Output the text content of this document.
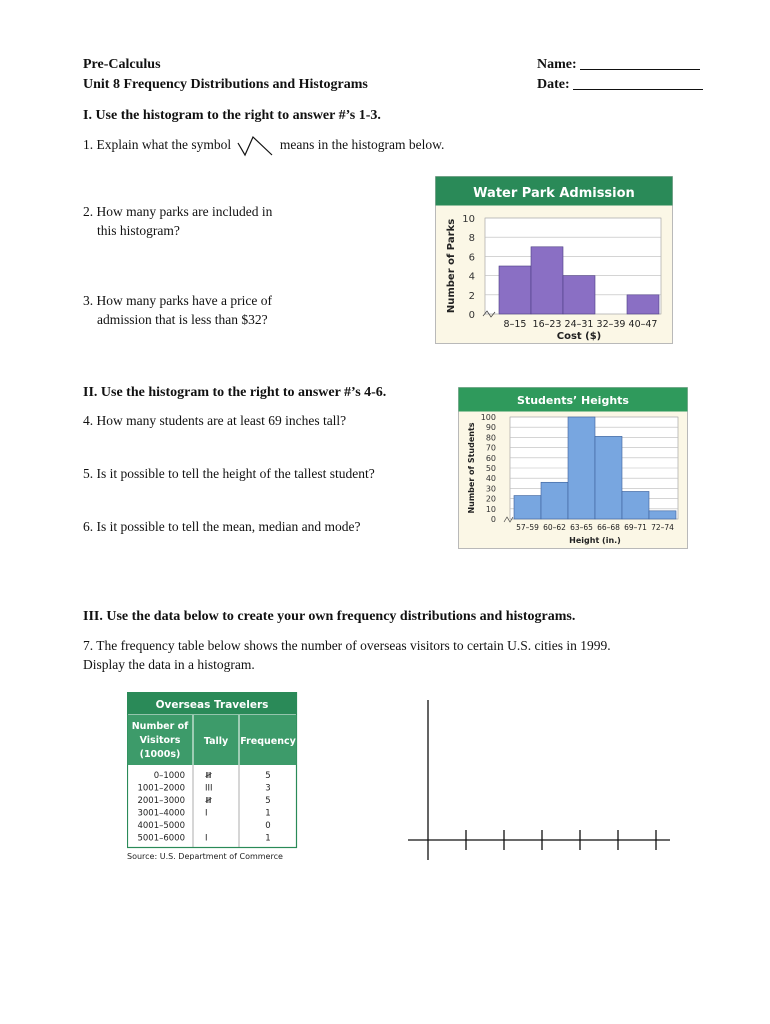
Pre-Calculus
Unit 8 Frequency Distributions and Histograms
Name:
Date:
I. Use the histogram to the right to answer #’s 1-3.
1. Explain what the symbol	means in the histogram below.
2. How many parks are included in
this histogram?
3. How many parks have a price of
admission that is less than $32?
Water Park Admission
0
2
4
6
8
10
Number of Parks
8–15 16–23 24–31 32–39 40–47
Cost ($)
II. Use the histogram to the right to answer #’s 4-6.
4. How many students are at least 69 inches tall?
5. Is it possible to tell the height of the tallest student?
6. Is it possible to tell the mean, median and mode?
Students’ Heights
0
10
20
30
40
50
60
70
80
90
100
Number of Students
57–59 60–62 63–65 66–68 69–71 72–74
Height (in.)
III. Use the data below to create your own frequency distributions and histograms.
7. The frequency table below shows the number of overseas visitors to certain U.S. cities in 1999.
Display the data in a histogram.
Overseas Travelers
Number of
Visitors
(1000s)
Tally Frequency
0–1000 𝍸	5
1001–2000 III	3
2001–3000 𝍸	5
3001–4000 I	1
4001–5000	0
5001–6000 I	1
Source: U.S. Department of Commerce
